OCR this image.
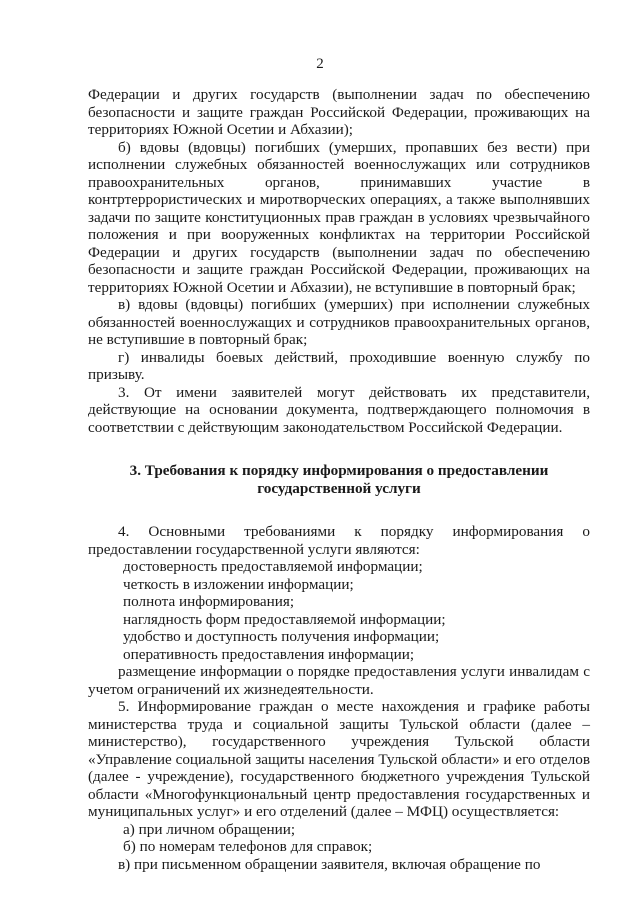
2

Федерации и других государств (выполнении задач по обеспечению безопасности и защите граждан Российской Федерации, проживающих на территориях Южной Осетии и Абхазии);

б) вдовы (вдовцы) погибших (умерших, пропавших без вести) при исполнении служебных обязанностей военнослужащих или сотрудников правоохранительных органов, принимавших участие в контртеррористических и миротворческих операциях, а также выполнявших задачи по защите конституционных прав граждан в условиях чрезвычайного положения и при вооруженных конфликтах на территории Российской Федерации и других государств (выполнении задач по обеспечению безопасности и защите граждан Российской Федерации, проживающих на территориях Южной Осетии и Абхазии), не вступившие в повторный брак;

в) вдовы (вдовцы) погибших (умерших) при исполнении служебных обязанностей военнослужащих и сотрудников правоохранительных органов, не вступившие в повторный брак;

г) инвалиды боевых действий, проходившие военную службу по призыву.

3. От имени заявителей могут действовать их представители, действующие на основании документа, подтверждающего полномочия в соответствии с действующим законодательством Российской Федерации.

3. Требования к порядку информирования о предоставлении
государственной услуги

4. Основными требованиями к порядку информирования о предоставлении государственной услуги являются:

достоверность предоставляемой информации;

четкость в изложении информации;

полнота информирования;

наглядность форм предоставляемой информации;

удобство и доступность получения информации;

оперативность предоставления информации;

размещение информации о порядке предоставления услуги инвалидам с учетом ограничений их жизнедеятельности.

5. Информирование граждан о месте нахождения и графике работы министерства труда и социальной защиты Тульской области (далее – министерство), государственного учреждения Тульской области «Управление социальной защиты населения Тульской области» и его отделов (далее - учреждение), государственного бюджетного учреждения Тульской области «Многофункциональный центр предоставления государственных и муниципальных услуг» и его отделений (далее – МФЦ) осуществляется:

а) при личном обращении;

б) по номерам телефонов для справок;

в) при письменном обращении заявителя, включая обращение по
